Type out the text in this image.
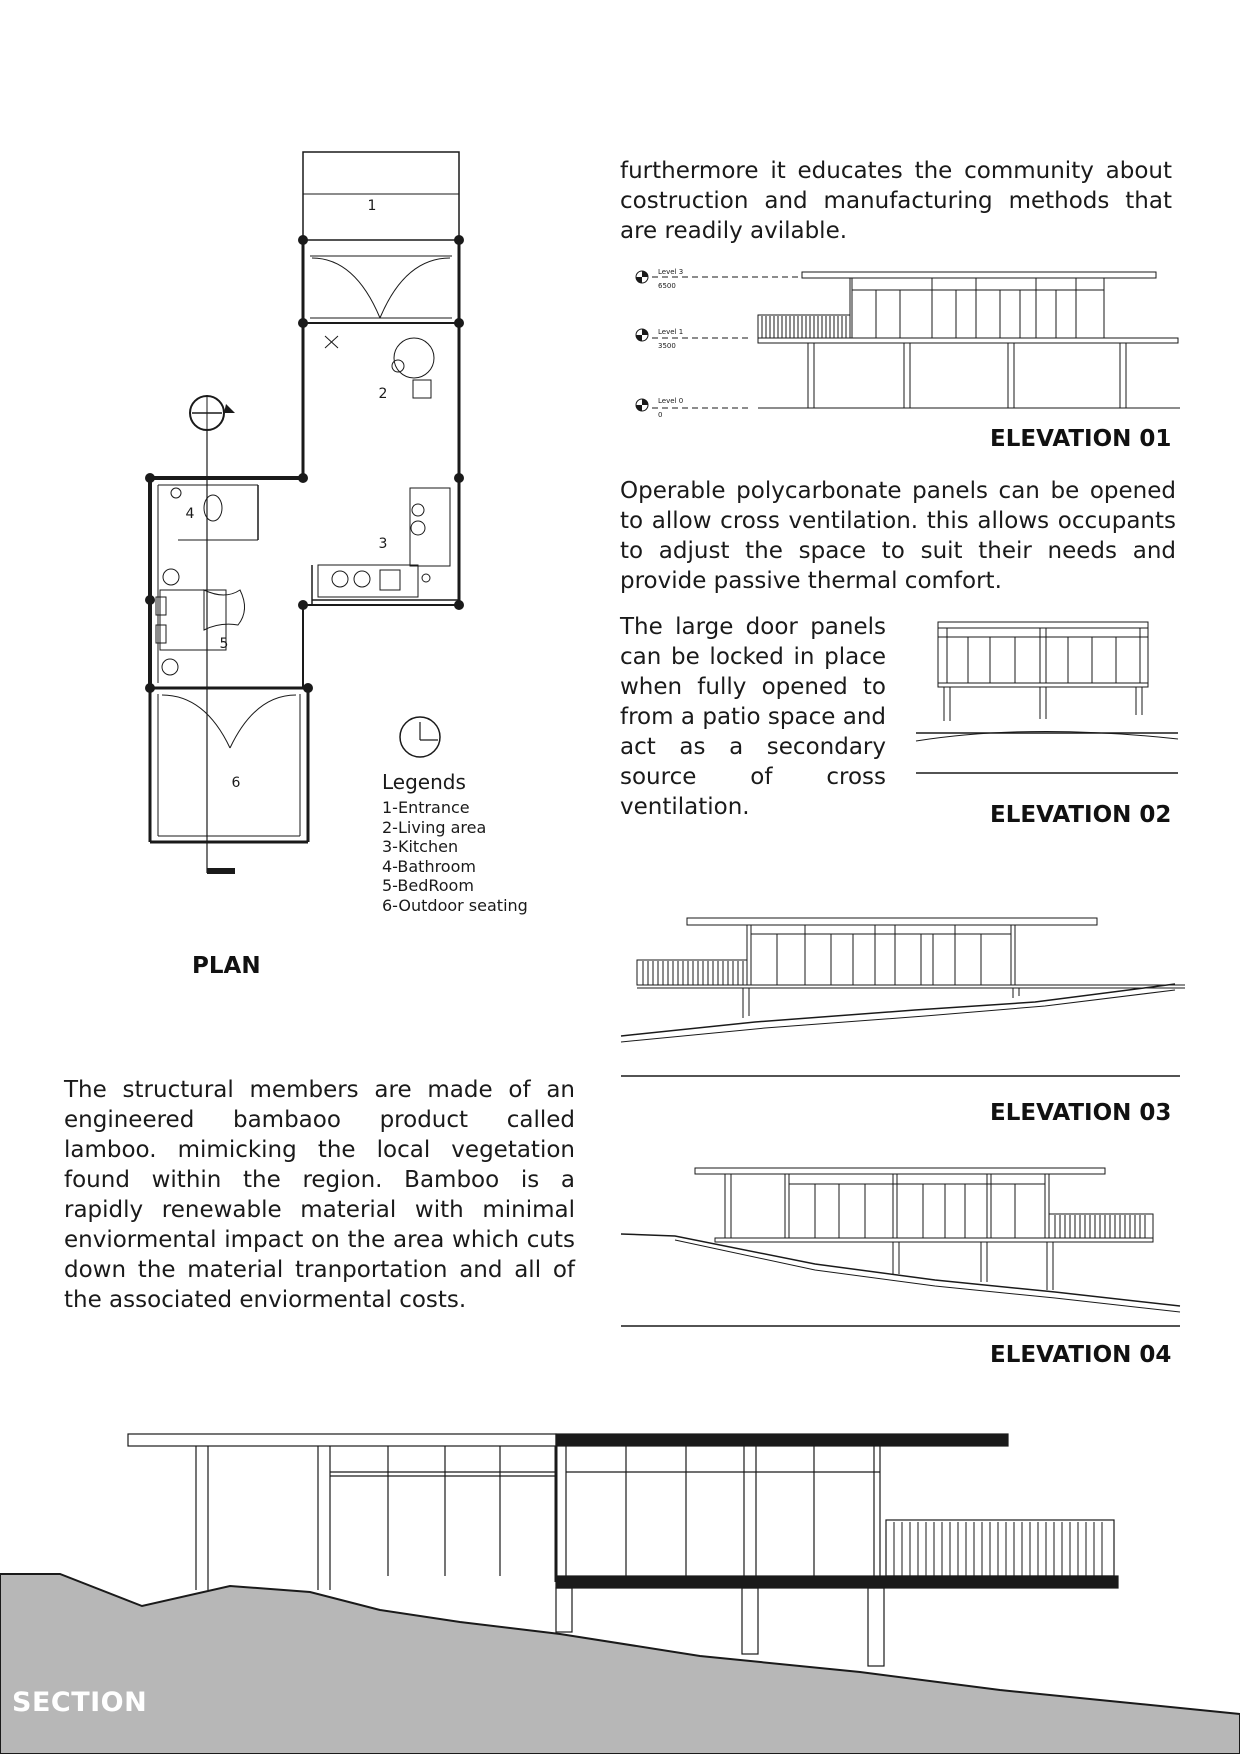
1
2
3
4
5
6	Legends
1-Entrance
2-Living area
3-Kitchen
4-Bathroom
5-BedRoom
6-Outdoor seating
PLAN
furthermore it educates the community about costruction and manufacturing methods that are readily avilable.
Operable polycarbonate panels can be opened to allow cross ventilation. this allows occupants to adjust the space to suit their needs and provide passive thermal comfort.
The large door panels can be locked in place when fully opened to from a patio space and act as a secondary source of cross ventilation.
The structural members are made of an engineered bambaoo product called lamboo. mimicking the local vegetation found within the region. Bamboo is a rapidly renewable material with minimal enviormental impact on the area which cuts down the material tranportation and all of the associated enviormental costs.
Level 3
6500
Level 1
3500
Level 0
0
ELEVATION 01
ELEVATION 02
ELEVATION 03
ELEVATION 04
SECTION
